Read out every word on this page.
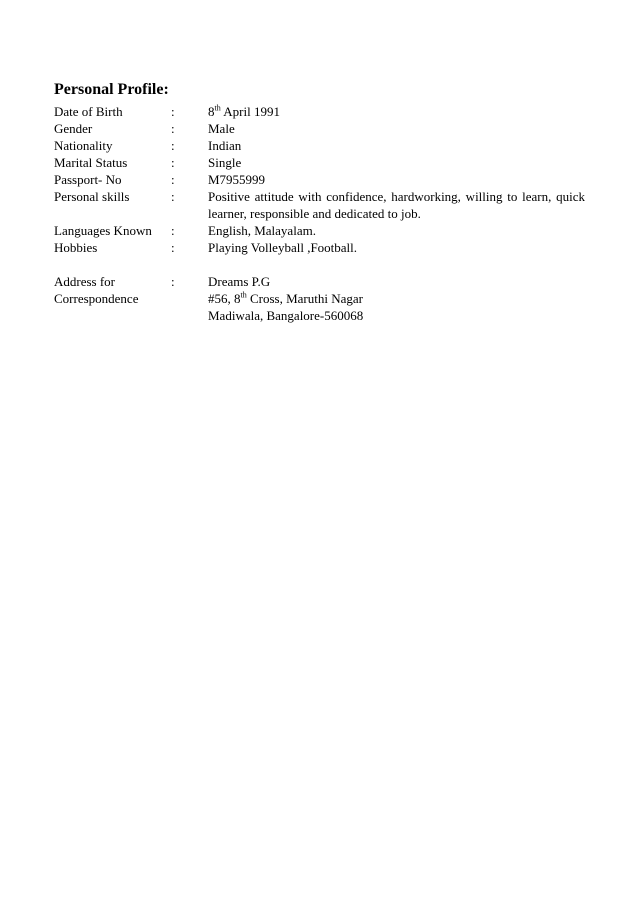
Personal Profile:
Date of Birth	:	8th April 1991
Gender	:	Male
Nationality	:	Indian
Marital Status	:	Single
Passport- No	:	M7955999
Personal skills	:	Positive attitude with confidence, hardworking, willing to learn, quick
learner, responsible and dedicated to job.
Languages Known :	English, Malayalam.
Hobbies	:	Playing Volleyball ,Football.
Address for
Correspondence
:	Dreams P.G
#56, 8th Cross, Maruthi Nagar
Madiwala, Bangalore-560068
